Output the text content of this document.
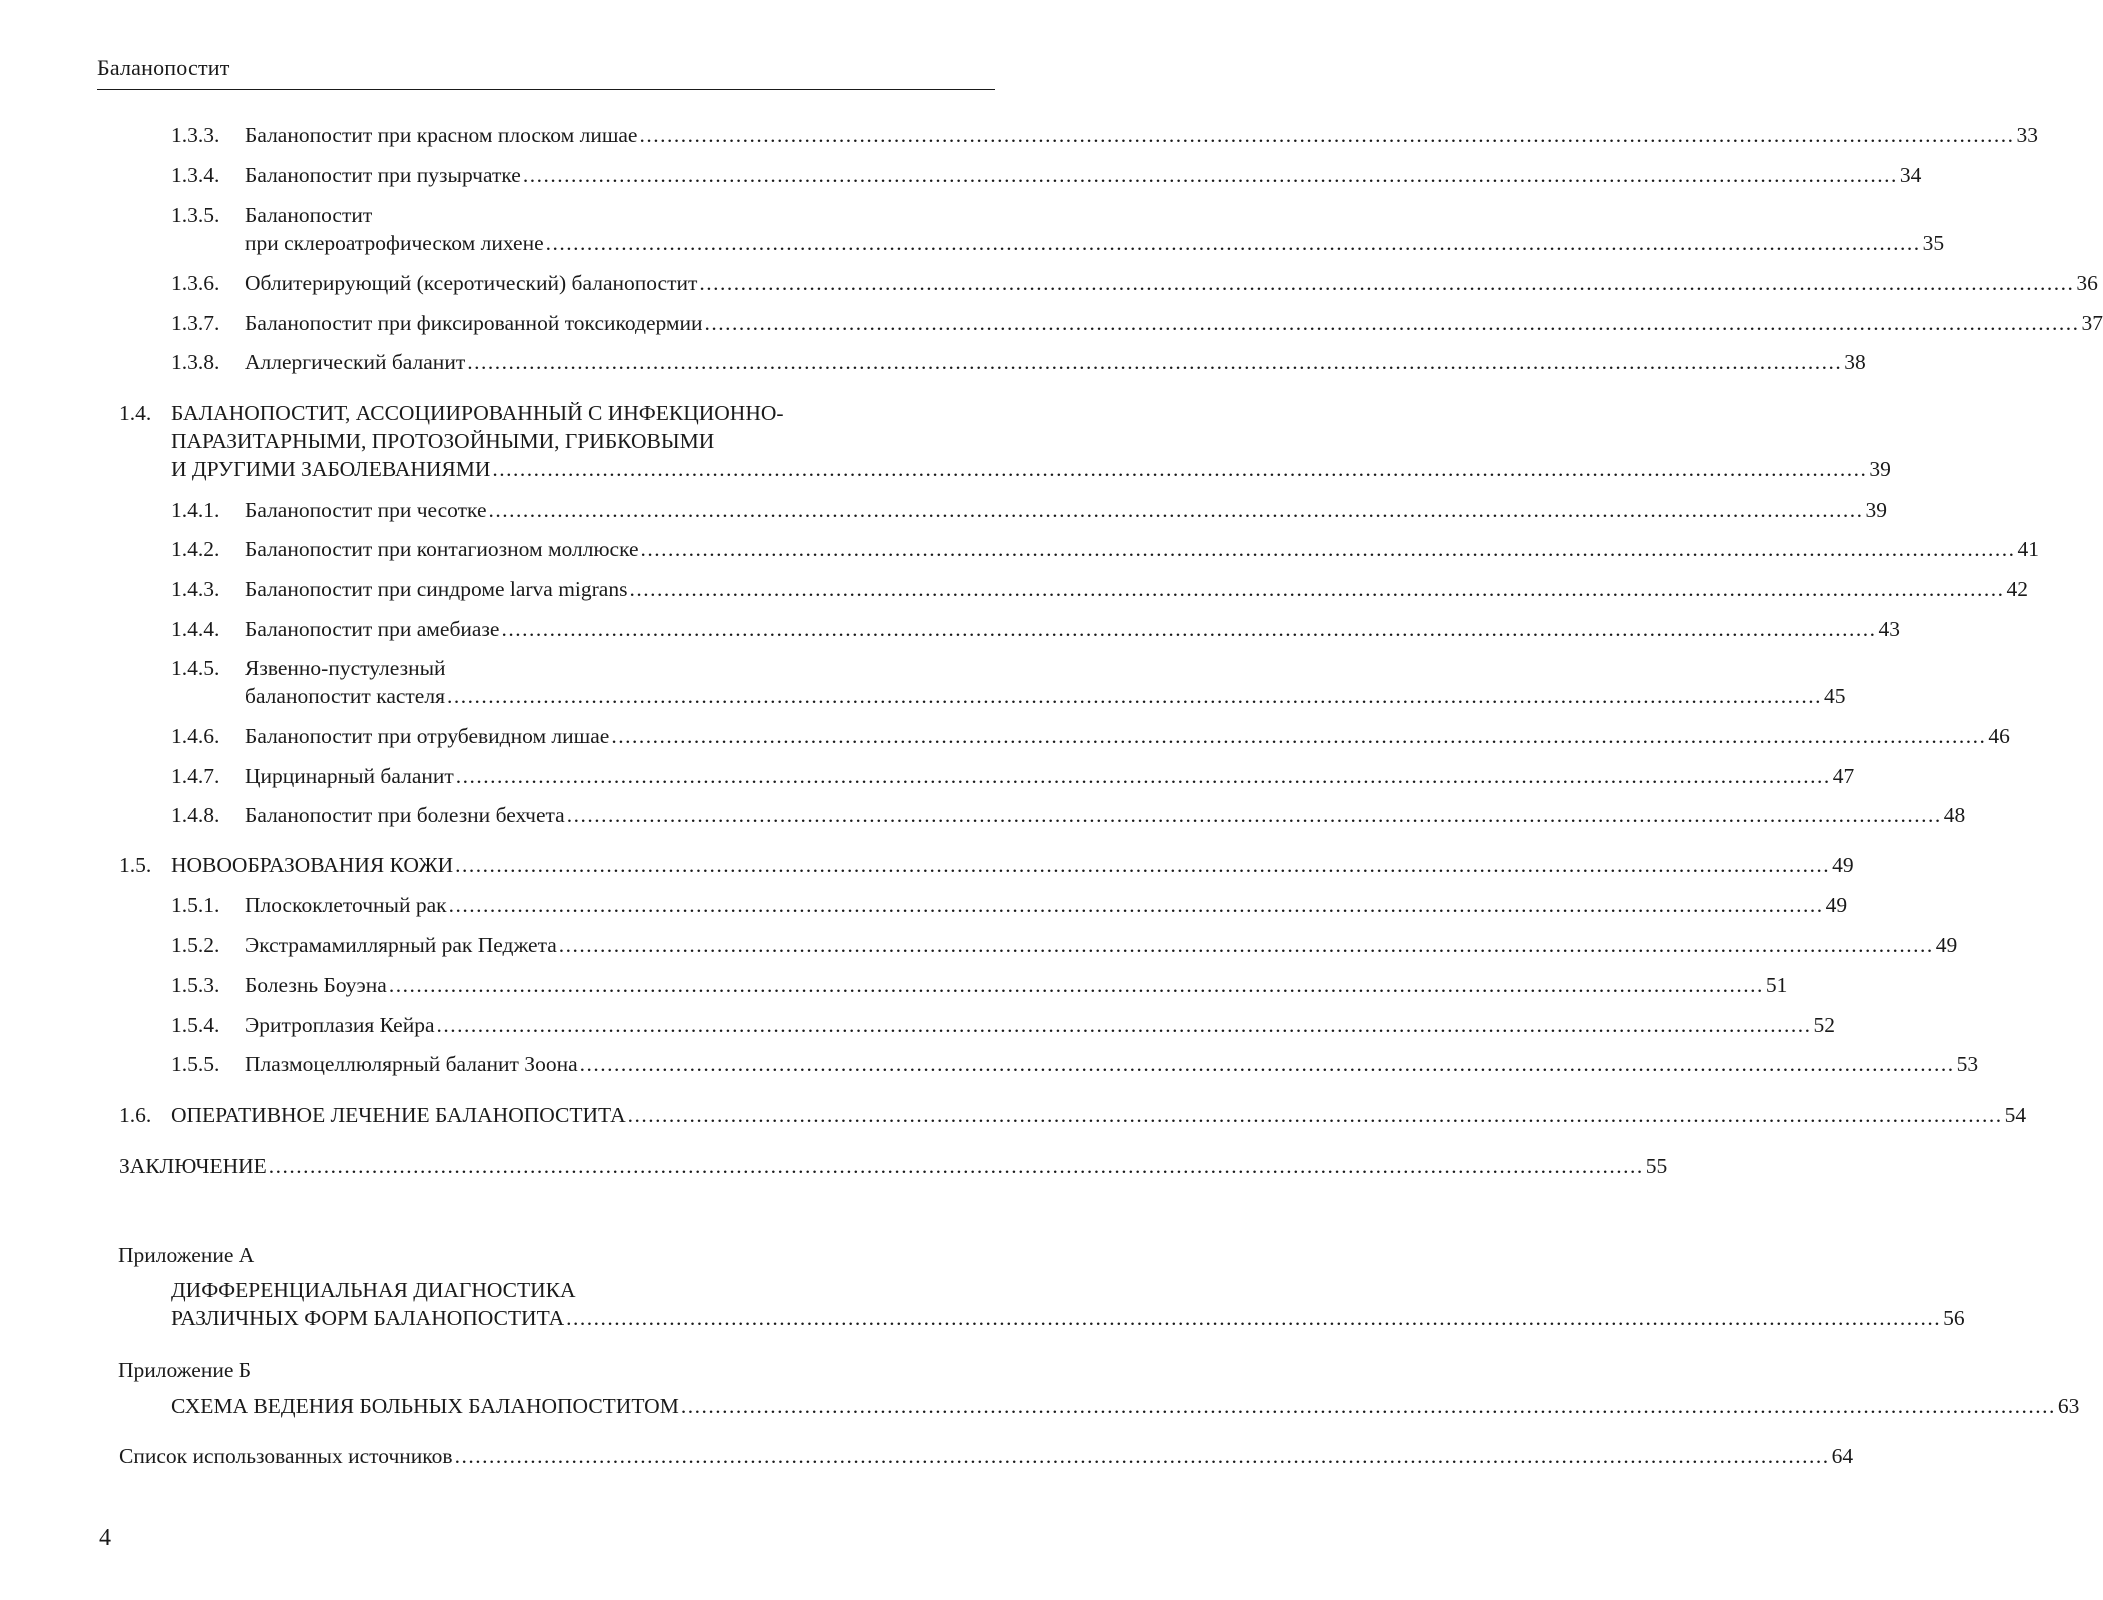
Баланопостит
1.3.3. Баланопостит при красном плоском лишае ........................................................................................................................................................................................................ 33
1.3.4. Баланопостит при пузырчатке ........................................................................................................................................................................................................ 34
1.3.5. Баланопостит
при склероатрофическом лихене ........................................................................................................................................................................................................ 35
1.3.6. Облитерирующий (ксеротический) баланопостит ........................................................................................................................................................................................................ 36
1.3.7. Баланопостит при фиксированной токсикодермии ........................................................................................................................................................................................................ 37
1.3.8. Аллергический баланит ........................................................................................................................................................................................................ 38
1.4. БАЛАНОПОСТИТ, АССОЦИИРОВАННЫЙ С ИНФЕКЦИОННО-
ПАРАЗИТАРНЫМИ, ПРОТОЗОЙНЫМИ, ГРИБКОВЫМИ
И ДРУГИМИ ЗАБОЛЕВАНИЯМИ ........................................................................................................................................................................................................ 39
1.4.1. Баланопостит при чесотке ........................................................................................................................................................................................................ 39
1.4.2. Баланопостит при контагиозном моллюске ........................................................................................................................................................................................................ 41
1.4.3. Баланопостит при синдроме larva migrans ........................................................................................................................................................................................................ 42
1.4.4. Баланопостит при амебиазе ........................................................................................................................................................................................................ 43
1.4.5. Язвенно-пустулезный
баланопостит кастеля ........................................................................................................................................................................................................ 45
1.4.6. Баланопостит при отрубевидном лишае ........................................................................................................................................................................................................ 46
1.4.7. Цирцинарный баланит ........................................................................................................................................................................................................ 47
1.4.8. Баланопостит при болезни бехчета ........................................................................................................................................................................................................ 48
1.5. НОВООБРАЗОВАНИЯ КОЖИ ........................................................................................................................................................................................................ 49
1.5.1. Плоскоклеточный рак ........................................................................................................................................................................................................ 49
1.5.2. Экстрамамиллярный рак Педжета ........................................................................................................................................................................................................ 49
1.5.3. Болезнь Боуэна ........................................................................................................................................................................................................ 51
1.5.4. Эритроплазия Кейра ........................................................................................................................................................................................................ 52
1.5.5. Плазмоцеллюлярный баланит Зоона ........................................................................................................................................................................................................ 53
1.6. ОПЕРАТИВНОЕ ЛЕЧЕНИЕ БАЛАНОПОСТИТА ........................................................................................................................................................................................................ 54
ЗАКЛЮЧЕНИЕ ........................................................................................................................................................................................................ 55
ДИФФЕРЕНЦИАЛЬНАЯ ДИАГНОСТИКА
РАЗЛИЧНЫХ ФОРМ БАЛАНОПОСТИТА ........................................................................................................................................................................................................ 56
СХЕМА ВЕДЕНИЯ БОЛЬНЫХ БАЛАНОПОСТИТОМ ........................................................................................................................................................................................................ 63
Список использованных источников ........................................................................................................................................................................................................ 64
Приложение А
Приложение Б
4
